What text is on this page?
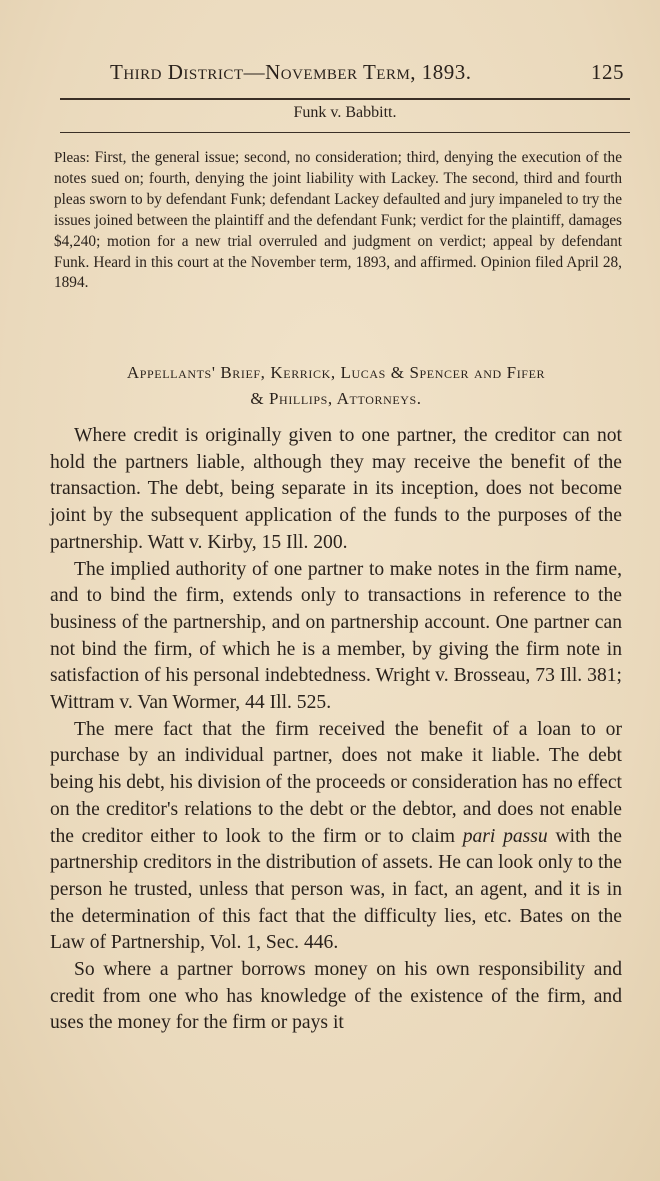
Third District—November Term, 1893.	125
Funk v. Babbitt.
Pleas: First, the general issue; second, no consideration; third, denying the execution of the notes sued on; fourth, denying the joint liability with Lackey. The second, third and fourth pleas sworn to by defendant Funk; defendant Lackey defaulted and jury impaneled to try the issues joined between the plaintiff and the defendant Funk; verdict for the plaintiff, damages $4,240; motion for a new trial overruled and judgment on verdict; appeal by defendant Funk. Heard in this court at the November term, 1893, and affirmed. Opinion filed April 28, 1894.
Appellants' Brief, Kerrick, Lucas & Spencer and Fifer
& Phillips, Attorneys.

Where credit is originally given to one partner, the creditor can not hold the partners liable, although they may receive the benefit of the transaction. The debt, being separate in its inception, does not become joint by the subsequent application of the funds to the purposes of the partnership. Watt v. Kirby, 15 Ill. 200.

The implied authority of one partner to make notes in the firm name, and to bind the firm, extends only to transactions in reference to the business of the partnership, and on partnership account. One partner can not bind the firm, of which he is a member, by giving the firm note in satisfaction of his personal indebtedness. Wright v. Brosseau, 73 Ill. 381; Wittram v. Van Wormer, 44 Ill. 525.

The mere fact that the firm received the benefit of a loan to or purchase by an individual partner, does not make it liable. The debt being his debt, his division of the proceeds or consideration has no effect on the creditor's relations to the debt or the debtor, and does not enable the creditor either to look to the firm or to claim pari passu with the partnership creditors in the distribution of assets. He can look only to the person he trusted, unless that person was, in fact, an agent, and it is in the determination of this fact that the difficulty lies, etc. Bates on the Law of Partnership, Vol. 1, Sec. 446.

So where a partner borrows money on his own responsibility and credit from one who has knowledge of the existence of the firm, and uses the money for the firm or pays it
